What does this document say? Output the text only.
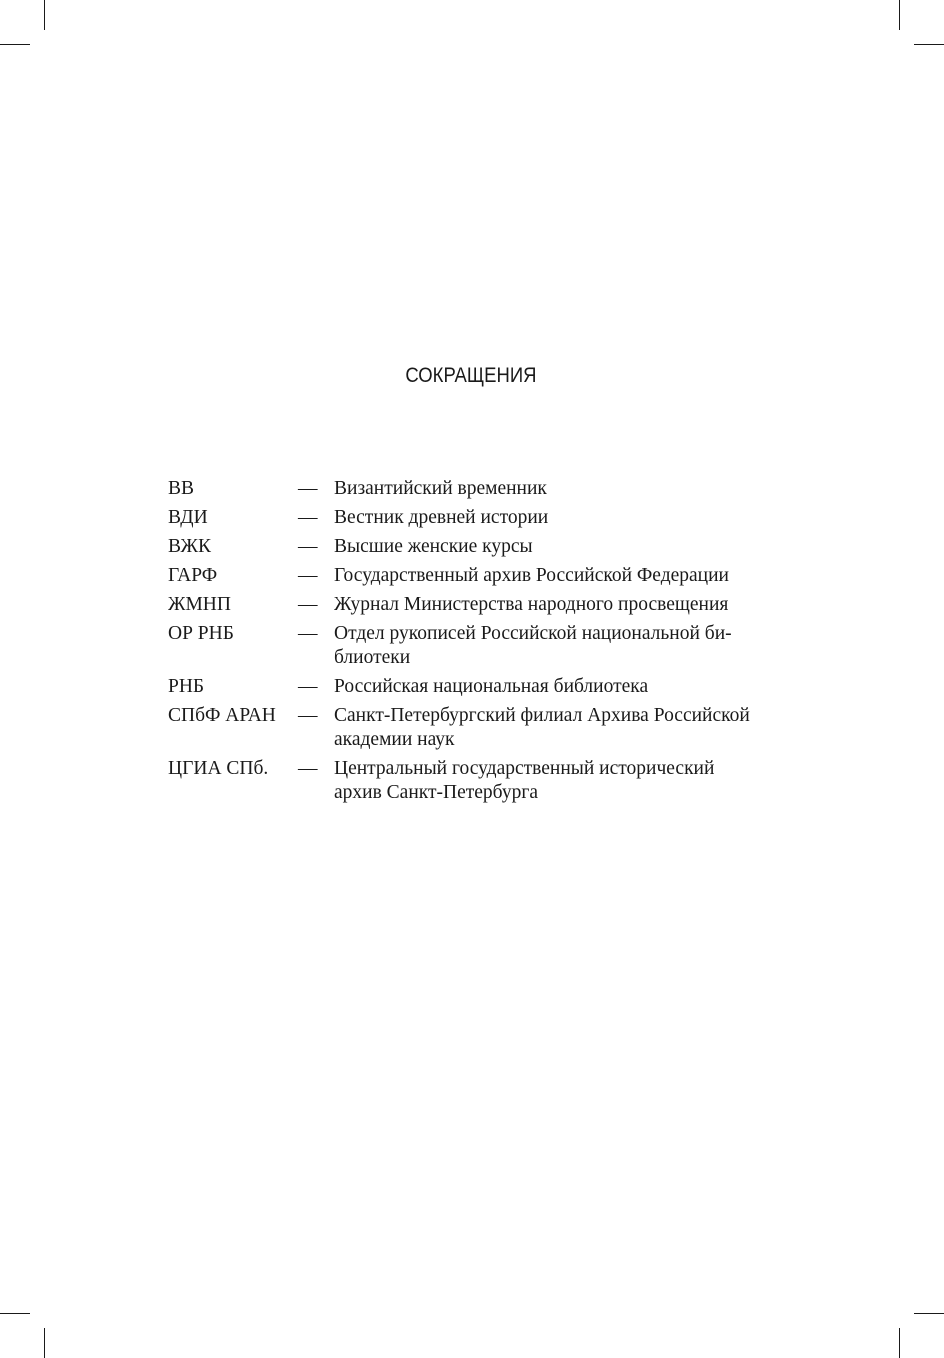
СОКРАЩЕНИЯ
ВВ	— Византийский временник
ВДИ	— Вестник древней истории
ВЖК	— Высшие женские курсы
ГАРФ	— Государственный архив Российской Федерации
ЖМНП	— Журнал Министерства народного просвещения
ОР РНБ	— Отдел рукописей Российской национальной би-
блиотеки
РНБ	— Российская национальная библиотека
СПбФ АРАН	— Санкт-Петербургский филиал Архива Российской
академии наук
ЦГИА СПб.	— Центральный государственный исторический
архив Санкт-Петербурга
